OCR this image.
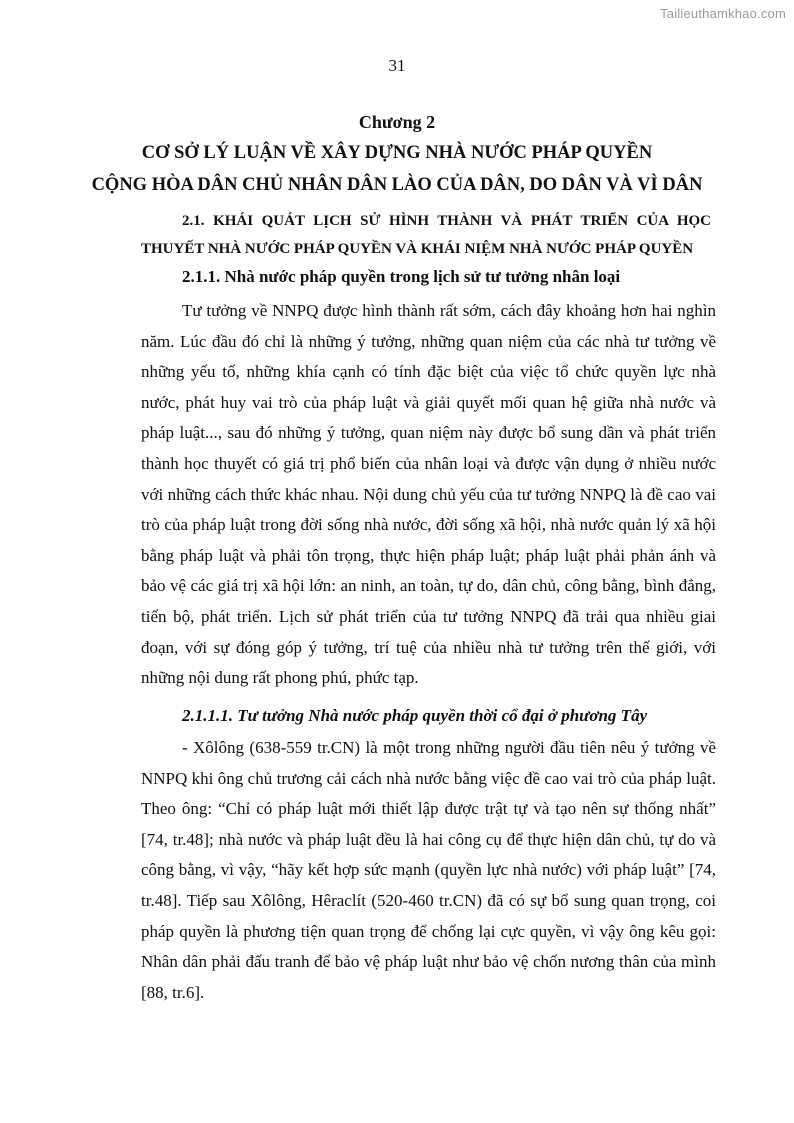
Tailieuthamkhao.com
31
Chương 2
CƠ SỞ LÝ LUẬN VỀ XÂY DỰNG NHÀ NƯỚC PHÁP QUYỀN
CỘNG HÒA DÂN CHỦ NHÂN DÂN LÀO CỦA DÂN, DO DÂN VÀ VÌ DÂN
2.1. KHÁI QUÁT LỊCH SỬ HÌNH THÀNH VÀ PHÁT TRIỂN CỦA HỌC
THUYẾT NHÀ NƯỚC PHÁP QUYỀN VÀ KHÁI NIỆM NHÀ NƯỚC PHÁP QUYỀN
2.1.1. Nhà nước pháp quyền trong lịch sử tư tưởng nhân loại

Tư tưởng về NNPQ được hình thành rất sớm, cách đây khoảng hơn hai nghìn năm. Lúc đầu đó chỉ là những ý tưởng, những quan niệm của các nhà tư tưởng về những yếu tố, những khía cạnh có tính đặc biệt của việc tổ chức quyền lực nhà nước, phát huy vai trò của pháp luật và giải quyết mối quan hệ giữa nhà nước và pháp luật..., sau đó những ý tưởng, quan niệm này được bổ sung dần và phát triển thành học thuyết có giá trị phổ biến của nhân loại và được vận dụng ở nhiều nước với những cách thức khác nhau. Nội dung chủ yếu của tư tưởng NNPQ là đề cao vai trò của pháp luật trong đời sống nhà nước, đời sống xã hội, nhà nước quản lý xã hội bằng pháp luật và phải tôn trọng, thực hiện pháp luật; pháp luật phải phản ánh và bảo vệ các giá trị xã hội lớn: an ninh, an toàn, tự do, dân chủ, công bằng, bình đẳng, tiến bộ, phát triển. Lịch sử phát triển của tư tưởng NNPQ đã trải qua nhiều giai đoạn, với sự đóng góp ý tưởng, trí tuệ của nhiều nhà tư tưởng trên thế giới, với những nội dung rất phong phú, phức tạp.

2.1.1.1. Tư tưởng Nhà nước pháp quyền thời cổ đại ở phương Tây

- Xôlông (638-559 tr.CN) là một trong những người đầu tiên nêu ý tưởng về NNPQ khi ông chủ trương cải cách nhà nước bằng việc đề cao vai trò của pháp luật. Theo ông: “Chỉ có pháp luật mới thiết lập được trật tự và tạo nên sự thống nhất” [74, tr.48]; nhà nước và pháp luật đều là hai công cụ để thực hiện dân chủ, tự do và công bằng, vì vậy, “hãy kết hợp sức mạnh (quyền lực nhà nước) với pháp luật” [74, tr.48]. Tiếp sau Xôlông, Hêraclít (520-460 tr.CN) đã có sự bổ sung quan trọng, coi pháp quyền là phương tiện quan trọng để chống lại cực quyền, vì vậy ông kêu gọi: Nhân dân phải đấu tranh để bảo vệ pháp luật như bảo vệ chốn nương thân của mình [88, tr.6].
